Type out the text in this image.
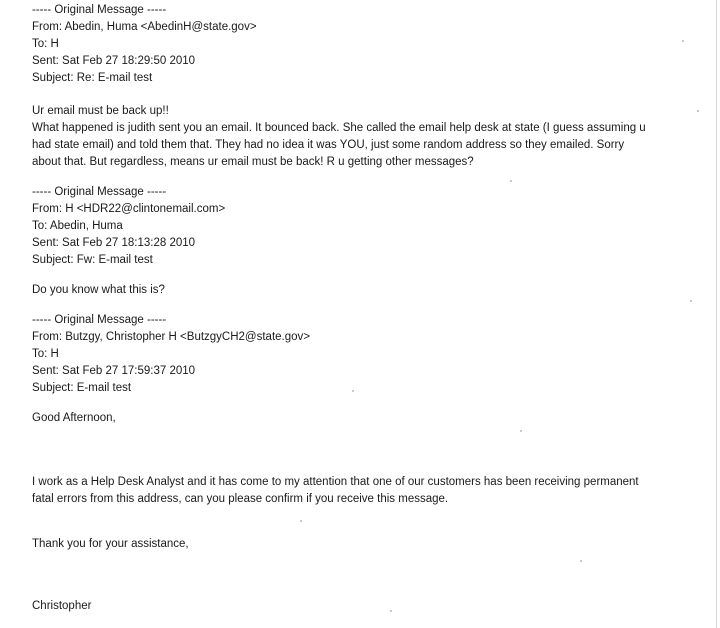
----- Original Message -----
From: Abedin, Huma <AbedinH@state.gov>
To: H
Sent: Sat Feb 27 18:29:50 2010
Subject: Re: E-mail test
Ur email must be back up!!
What happened is judith sent you an email. It bounced back. She called the email help desk at state (I guess assuming u
had state email) and told them that. They had no idea it was YOU, just some random address so they emailed. Sorry
about that. But regardless, means ur email must be back! R u getting other messages?
----- Original Message -----
From: H <HDR22@clintonemail.com>
To: Abedin, Huma
Sent: Sat Feb 27 18:13:28 2010
Subject: Fw: E-mail test
Do you know what this is?
----- Original Message -----
From: Butzgy, Christopher H <ButzgyCH2@state.gov>
To: H
Sent: Sat Feb 27 17:59:37 2010
Subject: E-mail test
Good Afternoon,
I work as a Help Desk Analyst and it has come to my attention that one of our customers has been receiving permanent
fatal errors from this address, can you please confirm if you receive this message.
Thank you for your assistance,
Christopher
